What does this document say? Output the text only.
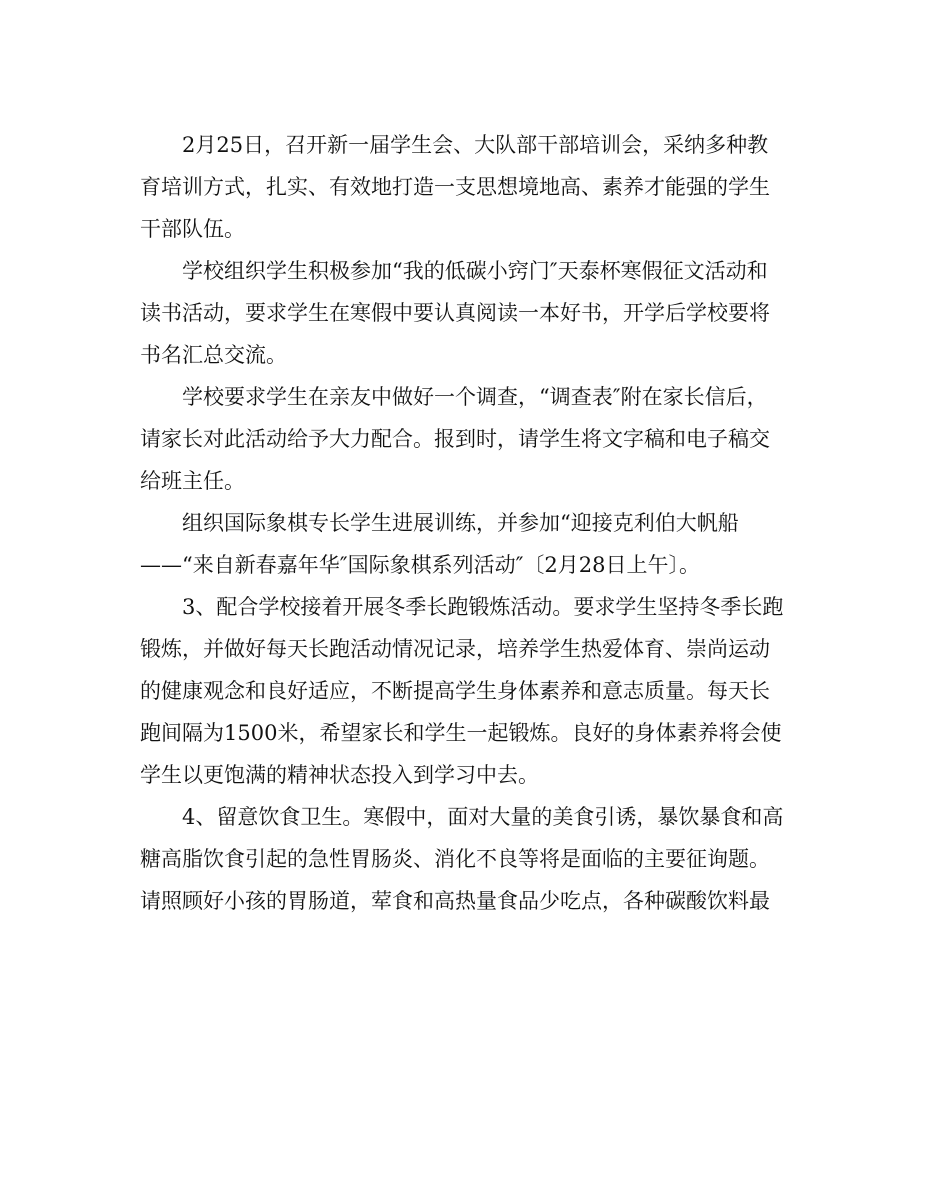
2月25日，召开新一届学生会、大队部干部培训会，采纳多种教
育培训方式，扎实、有效地打造一支思想境地高、素养才能强的学生
干部队伍。
学校组织学生积极参加“我的低碳小窍门″天泰杯寒假征文活动和
读书活动，要求学生在寒假中要认真阅读一本好书，开学后学校要将
书名汇总交流。
学校要求学生在亲友中做好一个调查，“调查表″附在家长信后，
请家长对此活动给予大力配合。报到时，请学生将文字稿和电子稿交
给班主任。
组织国际象棋专长学生进展训练，并参加“迎接克利伯大帆船
——“来自新春嘉年华″国际象棋系列活动″〔2月28日上午〕。
3、配合学校接着开展冬季长跑锻炼活动。要求学生坚持冬季长跑
锻炼，并做好每天长跑活动情况记录，培养学生热爱体育、崇尚运动
的健康观念和良好适应，不断提高学生身体素养和意志质量。每天长
跑间隔为1500米，希望家长和学生一起锻炼。良好的身体素养将会使
学生以更饱满的精神状态投入到学习中去。
4、留意饮食卫生。寒假中，面对大量的美食引诱，暴饮暴食和高
糖高脂饮食引起的急性胃肠炎、消化不良等将是面临的主要征询题。
请照顾好小孩的胃肠道，荤食和高热量食品少吃点，各种碳酸饮料最
